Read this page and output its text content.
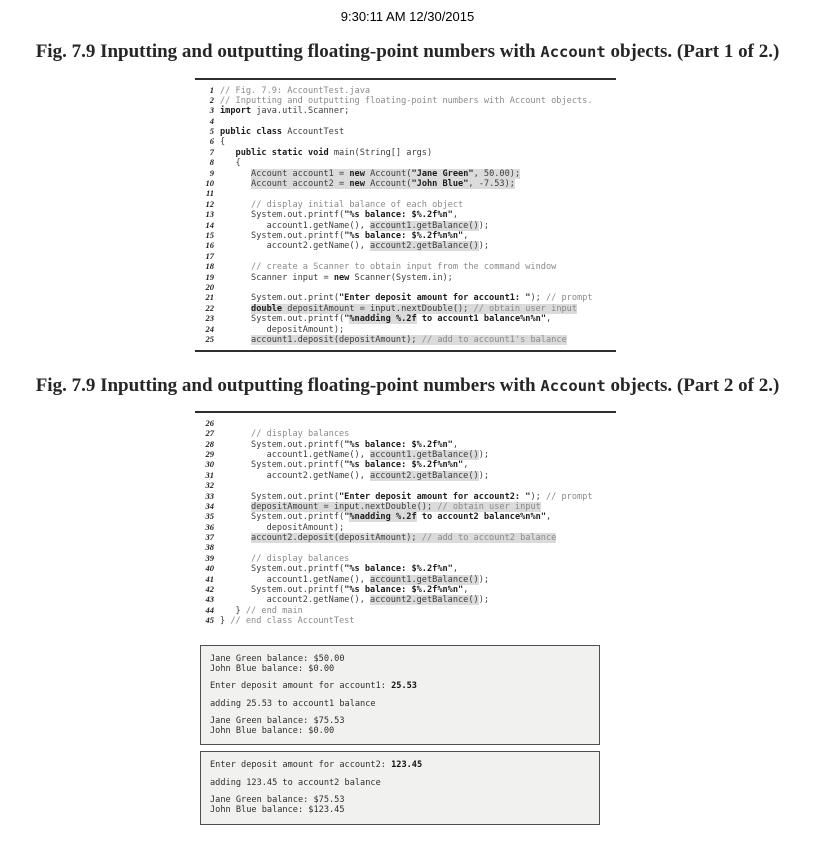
9:30:11 AM 12/30/2015
Fig. 7.9 Inputting and outputting floating-point numbers with Account objects. (Part 1 of 2.)
1 // Fig. 7.9: AccountTest.java
2 // Inputting and outputting floating-point numbers with Account objects.
3 import java.util.Scanner;
4
5 public class AccountTest
6 {
7	public static void main(String[] args)
8   {
9	Account account1 = new Account("Jane Green", 50.00);
10	Account account2 = new Account("John Blue", -7.53);
11
12	// display initial balance of each object
13      System.out.printf("%s balance: $%.2f%n",
14         account1.getName(), account1.getBalance());
15      System.out.printf("%s balance: $%.2f%n%n",
16         account2.getName(), account2.getBalance());
17
18	// create a Scanner to obtain input from the command window
19      Scanner input = new Scanner(System.in);
20
21      System.out.print("Enter deposit amount for account1: "); // prompt
22	double depositAmount = input.nextDouble(); // obtain user input
23      System.out.printf("%nadding %.2f to account1 balance%n%n",
24         depositAmount);
25	account1.deposit(depositAmount); // add to account1's balance
Fig. 7.9 Inputting and outputting floating-point numbers with Account objects. (Part 2 of 2.)
26
27	// display balances
28      System.out.printf("%s balance: $%.2f%n",
29         account1.getName(), account1.getBalance());
30      System.out.printf("%s balance: $%.2f%n%n",
31         account2.getName(), account2.getBalance());
32
33      System.out.print("Enter deposit amount for account2: "); // prompt
34	depositAmount = input.nextDouble(); // obtain user input
35      System.out.printf("%nadding %.2f to account2 balance%n%n",
36         depositAmount);
37	account2.deposit(depositAmount); // add to account2 balance
38
39	// display balances
40      System.out.printf("%s balance: $%.2f%n",
41         account1.getName(), account1.getBalance());
42      System.out.printf("%s balance: $%.2f%n%n",
43         account2.getName(), account2.getBalance());
44   } // end main
45 } // end class AccountTest
Jane Green balance: $50.00
John Blue balance: $0.00
Enter deposit amount for account1: 25.53
adding 25.53 to account1 balance
Jane Green balance: $75.53
John Blue balance: $0.00
Enter deposit amount for account2: 123.45
adding 123.45 to account2 balance
Jane Green balance: $75.53
John Blue balance: $123.45
